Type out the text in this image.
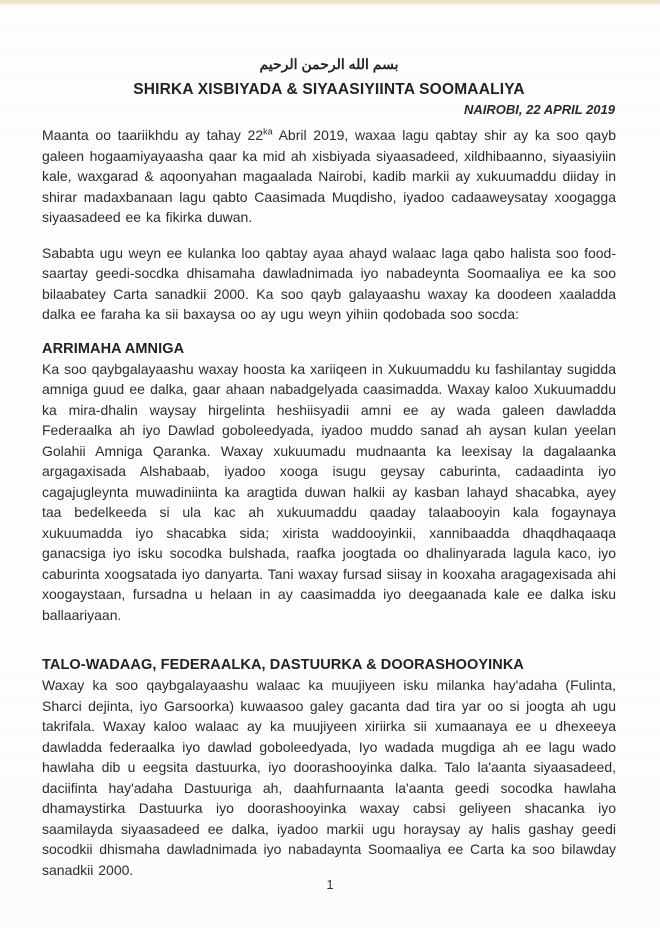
بسم الله الرحمن الرحيم
SHIRKA XISBIYADA & SIYAASIYIINTA SOOMAALIYA
NAIROBI, 22 APRIL 2019

Maanta oo taariikhdu ay tahay $22^{ka}$ Abril 2019, waxaa lagu qabtay shir ay ka soo qayb galeen hogaamiyayaasha qaar ka mid ah xisbiyada siyaasadeed, xildhibaanno, siyaasiyiin kale, waxgarad & aqoonyahan magaalada Nairobi, kadib markii ay xukuumaddu diiday in shirar madaxbanaan lagu qabto Caasimada Muqdisho, iyadoo cadaaweysatay xoogagga siyaasadeed ee ka fikirka duwan.

Sababta ugu weyn ee kulanka loo qabtay ayaa ahayd walaac laga qabo halista soo food-saartay geedi-socdka dhisamaha dawladnimada iyo nabadeynta Soomaaliya ee ka soo bilaabatey Carta sanadkii 2000. Ka soo qayb galayaashu waxay ka doodeen xaaladda dalka ee faraha ka sii baxaysa oo ay ugu weyn yihiin qodobada soo socda:

ARRIMAHA AMNIGA

Ka soo qaybgalayaashu waxay hoosta ka xariiqeen in Xukuumaddu ku fashilantay sugidda amniga guud ee dalka, gaar ahaan nabadgelyada caasimadda. Waxay kaloo Xukuumaddu ka mira-dhalin waysay hirgelinta heshiisyadii amni ee ay wada galeen dawladda Federaalka ah iyo Dawlad goboleedyada, iyadoo muddo sanad ah aysan kulan yeelan Golahii Amniga Qaranka. Waxay xukuumadu mudnaanta ka leexisay la dagalaanka argagaxisada Alshabaab, iyadoo xooga isugu geysay caburinta, cadaadinta iyo cagajugleynta muwadiniinta ka aragtida duwan halkii ay kasban lahayd shacabka, ayey taa bedelkeeda si ula kac ah xukuumaddu qaaday talaabooyin kala fogaynaya xukuumadda iyo shacabka sida; xirista waddooyinkii, xannibaadda dhaqdhaqaaqa ganacsiga iyo isku socodka bulshada, raafka joogtada oo dhalinyarada lagula kaco, iyo caburinta xoogsatada iyo danyarta. Tani waxay fursad siisay in kooxaha aragagexisada ahi xoogaystaan, fursadna u helaan in ay caasimadda iyo deegaanada kale ee dalka isku ballaariyaan.

TALO-WADAAG, FEDERAALKA, DASTUURKA & DOORASHOOYINKA

Waxay ka soo qaybgalayaashu walaac ka muujiyeen isku milanka hay'adaha (Fulinta, Sharci dejinta, iyo Garsoorka) kuwaasoo galey gacanta dad tira yar oo si joogta ah ugu takrifala. Waxay kaloo walaac ay ka muujiyeen xiriirka sii xumaanaya ee u dhexeeya dawladda federaalka iyo dawlad goboleedyada, Iyo wadada mugdiga ah ee lagu wado hawlaha dib u eegsita dastuurka, iyo doorashooyinka dalka. Talo la'aanta siyaasadeed, daciifinta hay'adaha Dastuuriga ah, daahfurnaanta la'aanta geedi socodka hawlaha dhamaystirka Dastuurka iyo doorashooyinka waxay cabsi geliyeen shacanka iyo saamilayda siyaasadeed ee dalka, iyadoo markii ugu horaysay ay halis gashay geedi socodkii dhismaha dawladnimada iyo nabadaynta Soomaaliya ee Carta ka soo bilawday sanadkii 2000.

1
